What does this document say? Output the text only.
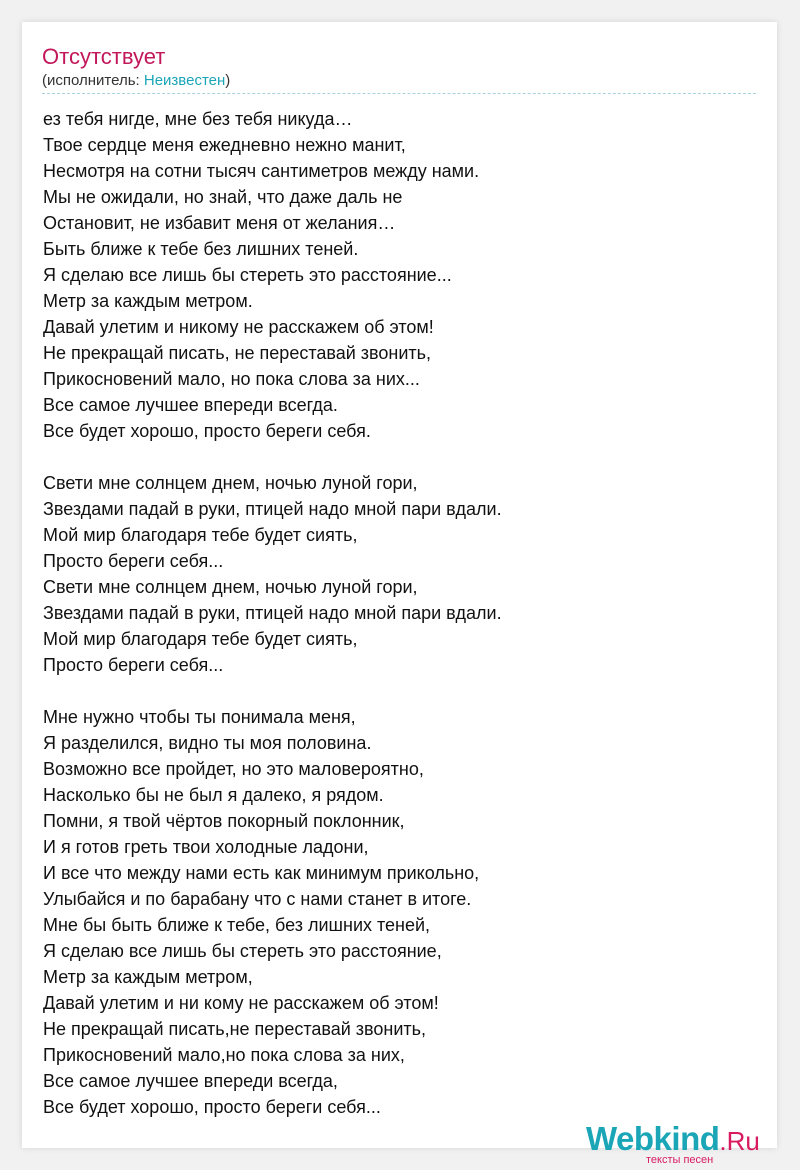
Отсутствует
(исполнитель: Неизвестен)
ез тебя нигде, мне без тебя никуда…
Твое сердце меня ежедневно нежно манит,
Несмотря на сотни тысяч сантиметров между нами.
Мы не ожидали, но знай, что даже даль не
Остановит, не избавит меня от желания…
Быть ближе к тебе без лишних теней.
Я сделаю все лишь бы стереть это расстояние...
Метр за каждым метром.
Давай улетим и никому не расскажем об этом!
Не прекращай писать, не переставай звонить,
Прикосновений мало, но пока слова за них...
Все самое лучшее впереди всегда.
Все будет хорошо, просто береги себя.
Свети мне солнцем днем, ночью луной гори,
Звездами падай в руки, птицей надо мной пари вдали.
Мой мир благодаря тебе будет сиять,
Просто береги себя...
Свети мне солнцем днем, ночью луной гори,
Звездами падай в руки, птицей надо мной пари вдали.
Мой мир благодаря тебе будет сиять,
Просто береги себя...
Мне нужно чтобы ты понимала меня,
Я разделился, видно ты моя половина.
Возможно все пройдет, но это маловероятно,
Насколько бы не был я далеко, я рядом.
Помни, я твой чёртов покорный поклонник,
И я готов греть твои холодные ладони,
И все что между нами есть как минимум прикольно,
Улыбайся и по барабану что с нами станет в итоге.
Мне бы быть ближе к тебе, без лишних теней,
Я сделаю все лишь бы стереть это расстояние,
Метр за каждым метром,
Давай улетим и ни кому не расскажем об этом!
Не прекращай писать,не переставай звонить,
Прикосновений мало,но пока слова за них,
Все самое лучшее впереди всегда,
Все будет хорошо, просто береги себя...
Webkind.Ru
тексты песен
